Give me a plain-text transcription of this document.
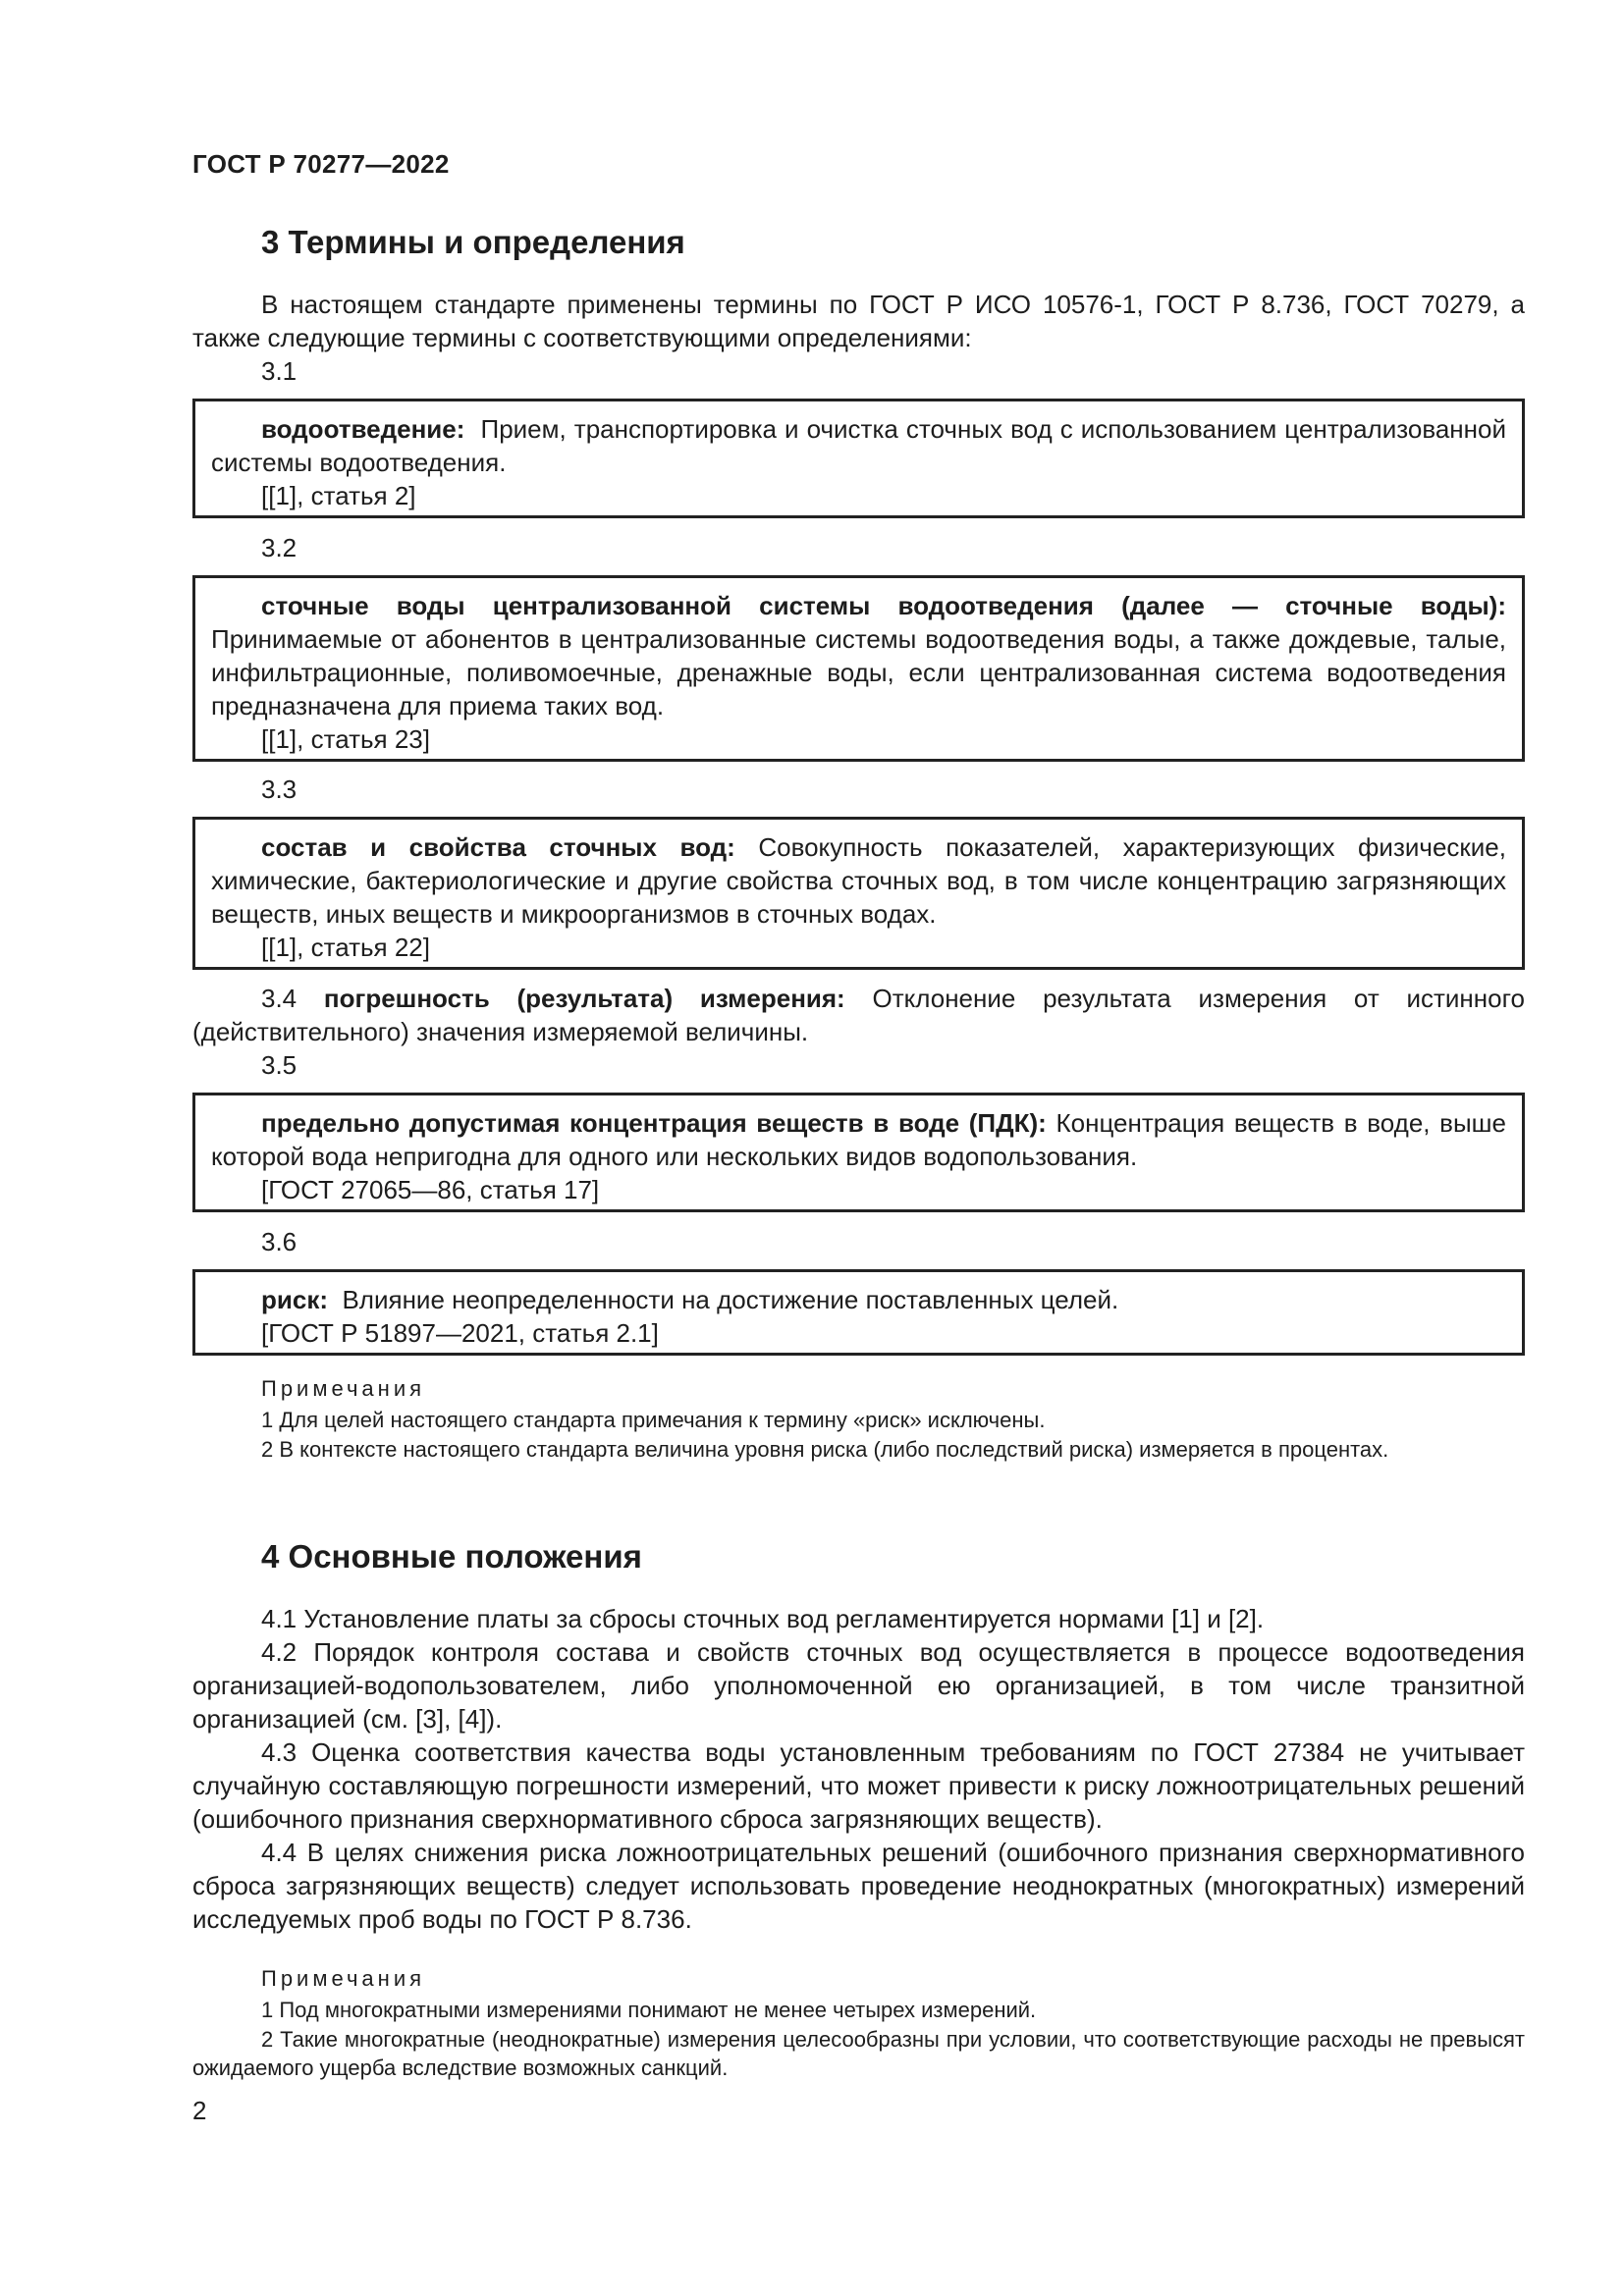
ГОСТ Р 70277—2022
3 Термины и определения
В настоящем стандарте применены термины по ГОСТ Р ИСО 10576-1, ГОСТ Р 8.736, ГОСТ 70279, а также следующие термины с соответствующими определениями:
3.1
водоотведение: Прием, транспортировка и очистка сточных вод с использованием централизованной системы водоотведения.
[[1], статья 2]
3.2
сточные воды централизованной системы водоотведения (далее — сточные воды): Принимаемые от абонентов в централизованные системы водоотведения воды, а также дождевые, талые, инфильтрационные, поливомоечные, дренажные воды, если централизованная система водоотведения предназначена для приема таких вод.
[[1], статья 23]
3.3
состав и свойства сточных вод: Совокупность показателей, характеризующих физические, химические, бактериологические и другие свойства сточных вод, в том числе концентрацию загрязняющих веществ, иных веществ и микроорганизмов в сточных водах.
[[1], статья 22]
3.4 погрешность (результата) измерения: Отклонение результата измерения от истинного (действительного) значения измеряемой величины.
3.5
предельно допустимая концентрация веществ в воде (ПДК): Концентрация веществ в воде, выше которой вода непригодна для одного или нескольких видов водопользования.
[ГОСТ 27065—86, статья 17]
3.6
риск: Влияние неопределенности на достижение поставленных целей.
[ГОСТ Р 51897—2021, статья 2.1]
Примечания
1 Для целей настоящего стандарта примечания к термину «риск» исключены.
2 В контексте настоящего стандарта величина уровня риска (либо последствий риска) измеряется в процентах.
4 Основные положения
4.1 Установление платы за сбросы сточных вод регламентируется нормами [1] и [2].
4.2 Порядок контроля состава и свойств сточных вод осуществляется в процессе водоотведения организацией-водопользователем, либо уполномоченной ею организацией, в том числе транзитной организацией (см. [3], [4]).
4.3 Оценка соответствия качества воды установленным требованиям по ГОСТ 27384 не учитывает случайную составляющую погрешности измерений, что может привести к риску ложноотрицательных решений (ошибочного признания сверхнормативного сброса загрязняющих веществ).
4.4 В целях снижения риска ложноотрицательных решений (ошибочного признания сверхнормативного сброса загрязняющих веществ) следует использовать проведение неоднократных (многократных) измерений исследуемых проб воды по ГОСТ Р 8.736.
Примечания
1 Под многократными измерениями понимают не менее четырех измерений.
2 Такие многократные (неоднократные) измерения целесообразны при условии, что соответствующие расходы не превысят ожидаемого ущерба вследствие возможных санкций.
2
